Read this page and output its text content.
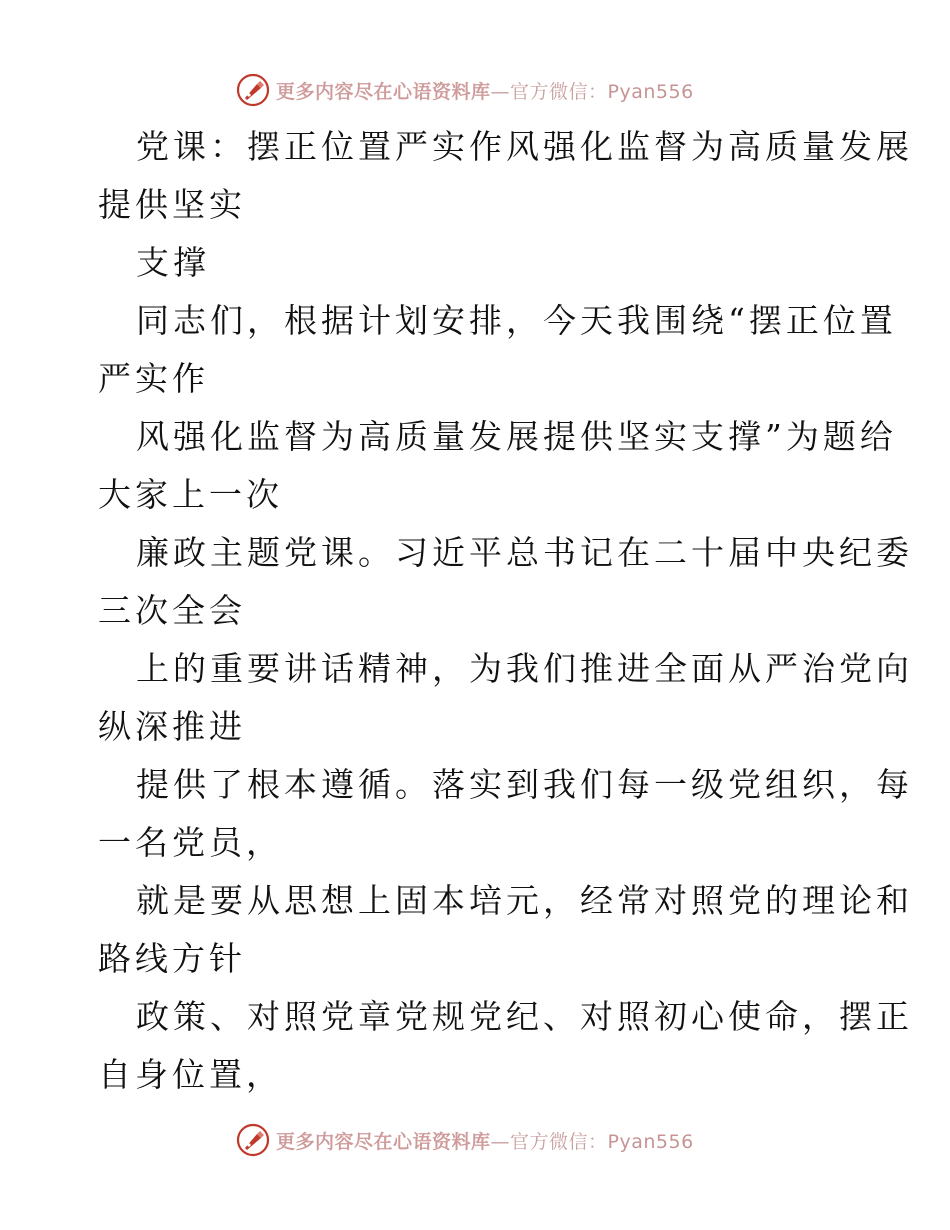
更多内容尽在心语资料库—官方微信：Pyan556
党课：摆正位置严实作风强化监督为高质量发展
提供坚实
支撑
同志们，根据计划安排，今天我围绕“摆正位置
严实作
风强化监督为高质量发展提供坚实支撑”为题给
大家上一次
廉政主题党课。习近平总书记在二十届中央纪委
三次全会
上的重要讲话精神，为我们推进全面从严治党向
纵深推进
提供了根本遵循。落实到我们每一级党组织，每
一名党员，
就是要从思想上固本培元，经常对照党的理论和
路线方针
政策、对照党章党规党纪、对照初心使命，摆正
自身位置，
更多内容尽在心语资料库—官方微信：Pyan556
